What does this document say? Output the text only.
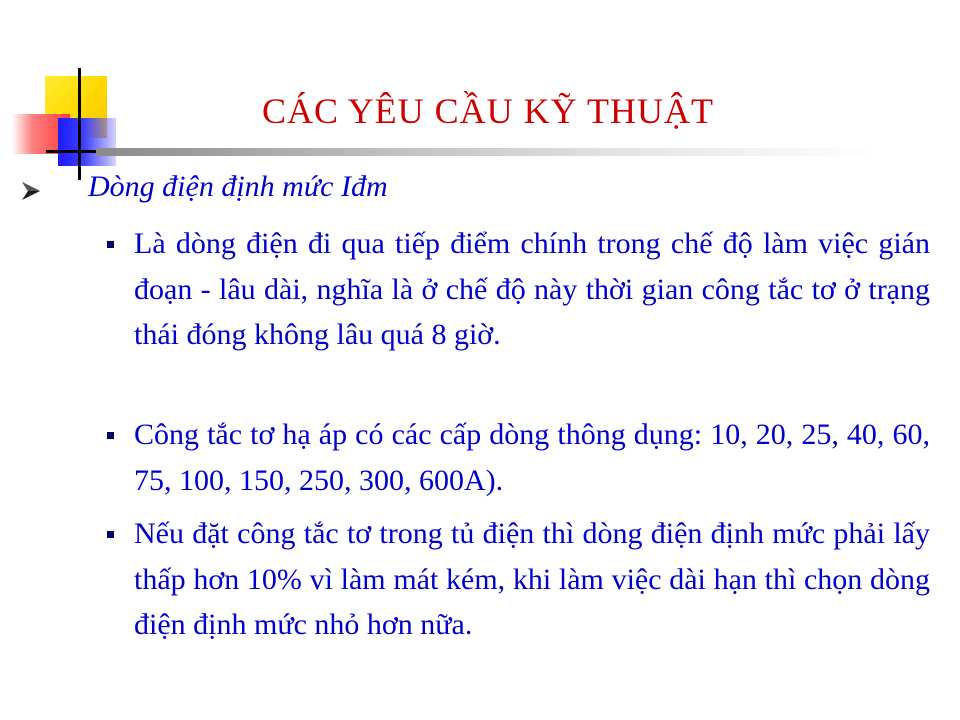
CÁC YÊU CẦU KỸ THUẬT
Dòng điện định mức Iđm
Là dòng điện đi qua tiếp điểm chính trong chế độ làm việc gián đoạn - lâu dài, nghĩa là ở chế độ này thời gian công tắc tơ ở trạng thái đóng không lâu quá 8 giờ.
Công tắc tơ hạ áp có các cấp dòng thông dụng: 10, 20, 25, 40, 60, 75, 100, 150, 250, 300, 600A).
Nếu đặt công tắc tơ trong tủ điện thì dòng điện định mức phải lấy thấp hơn 10% vì làm mát kém, khi làm việc dài hạn thì chọn dòng điện định mức nhỏ hơn nữa.
